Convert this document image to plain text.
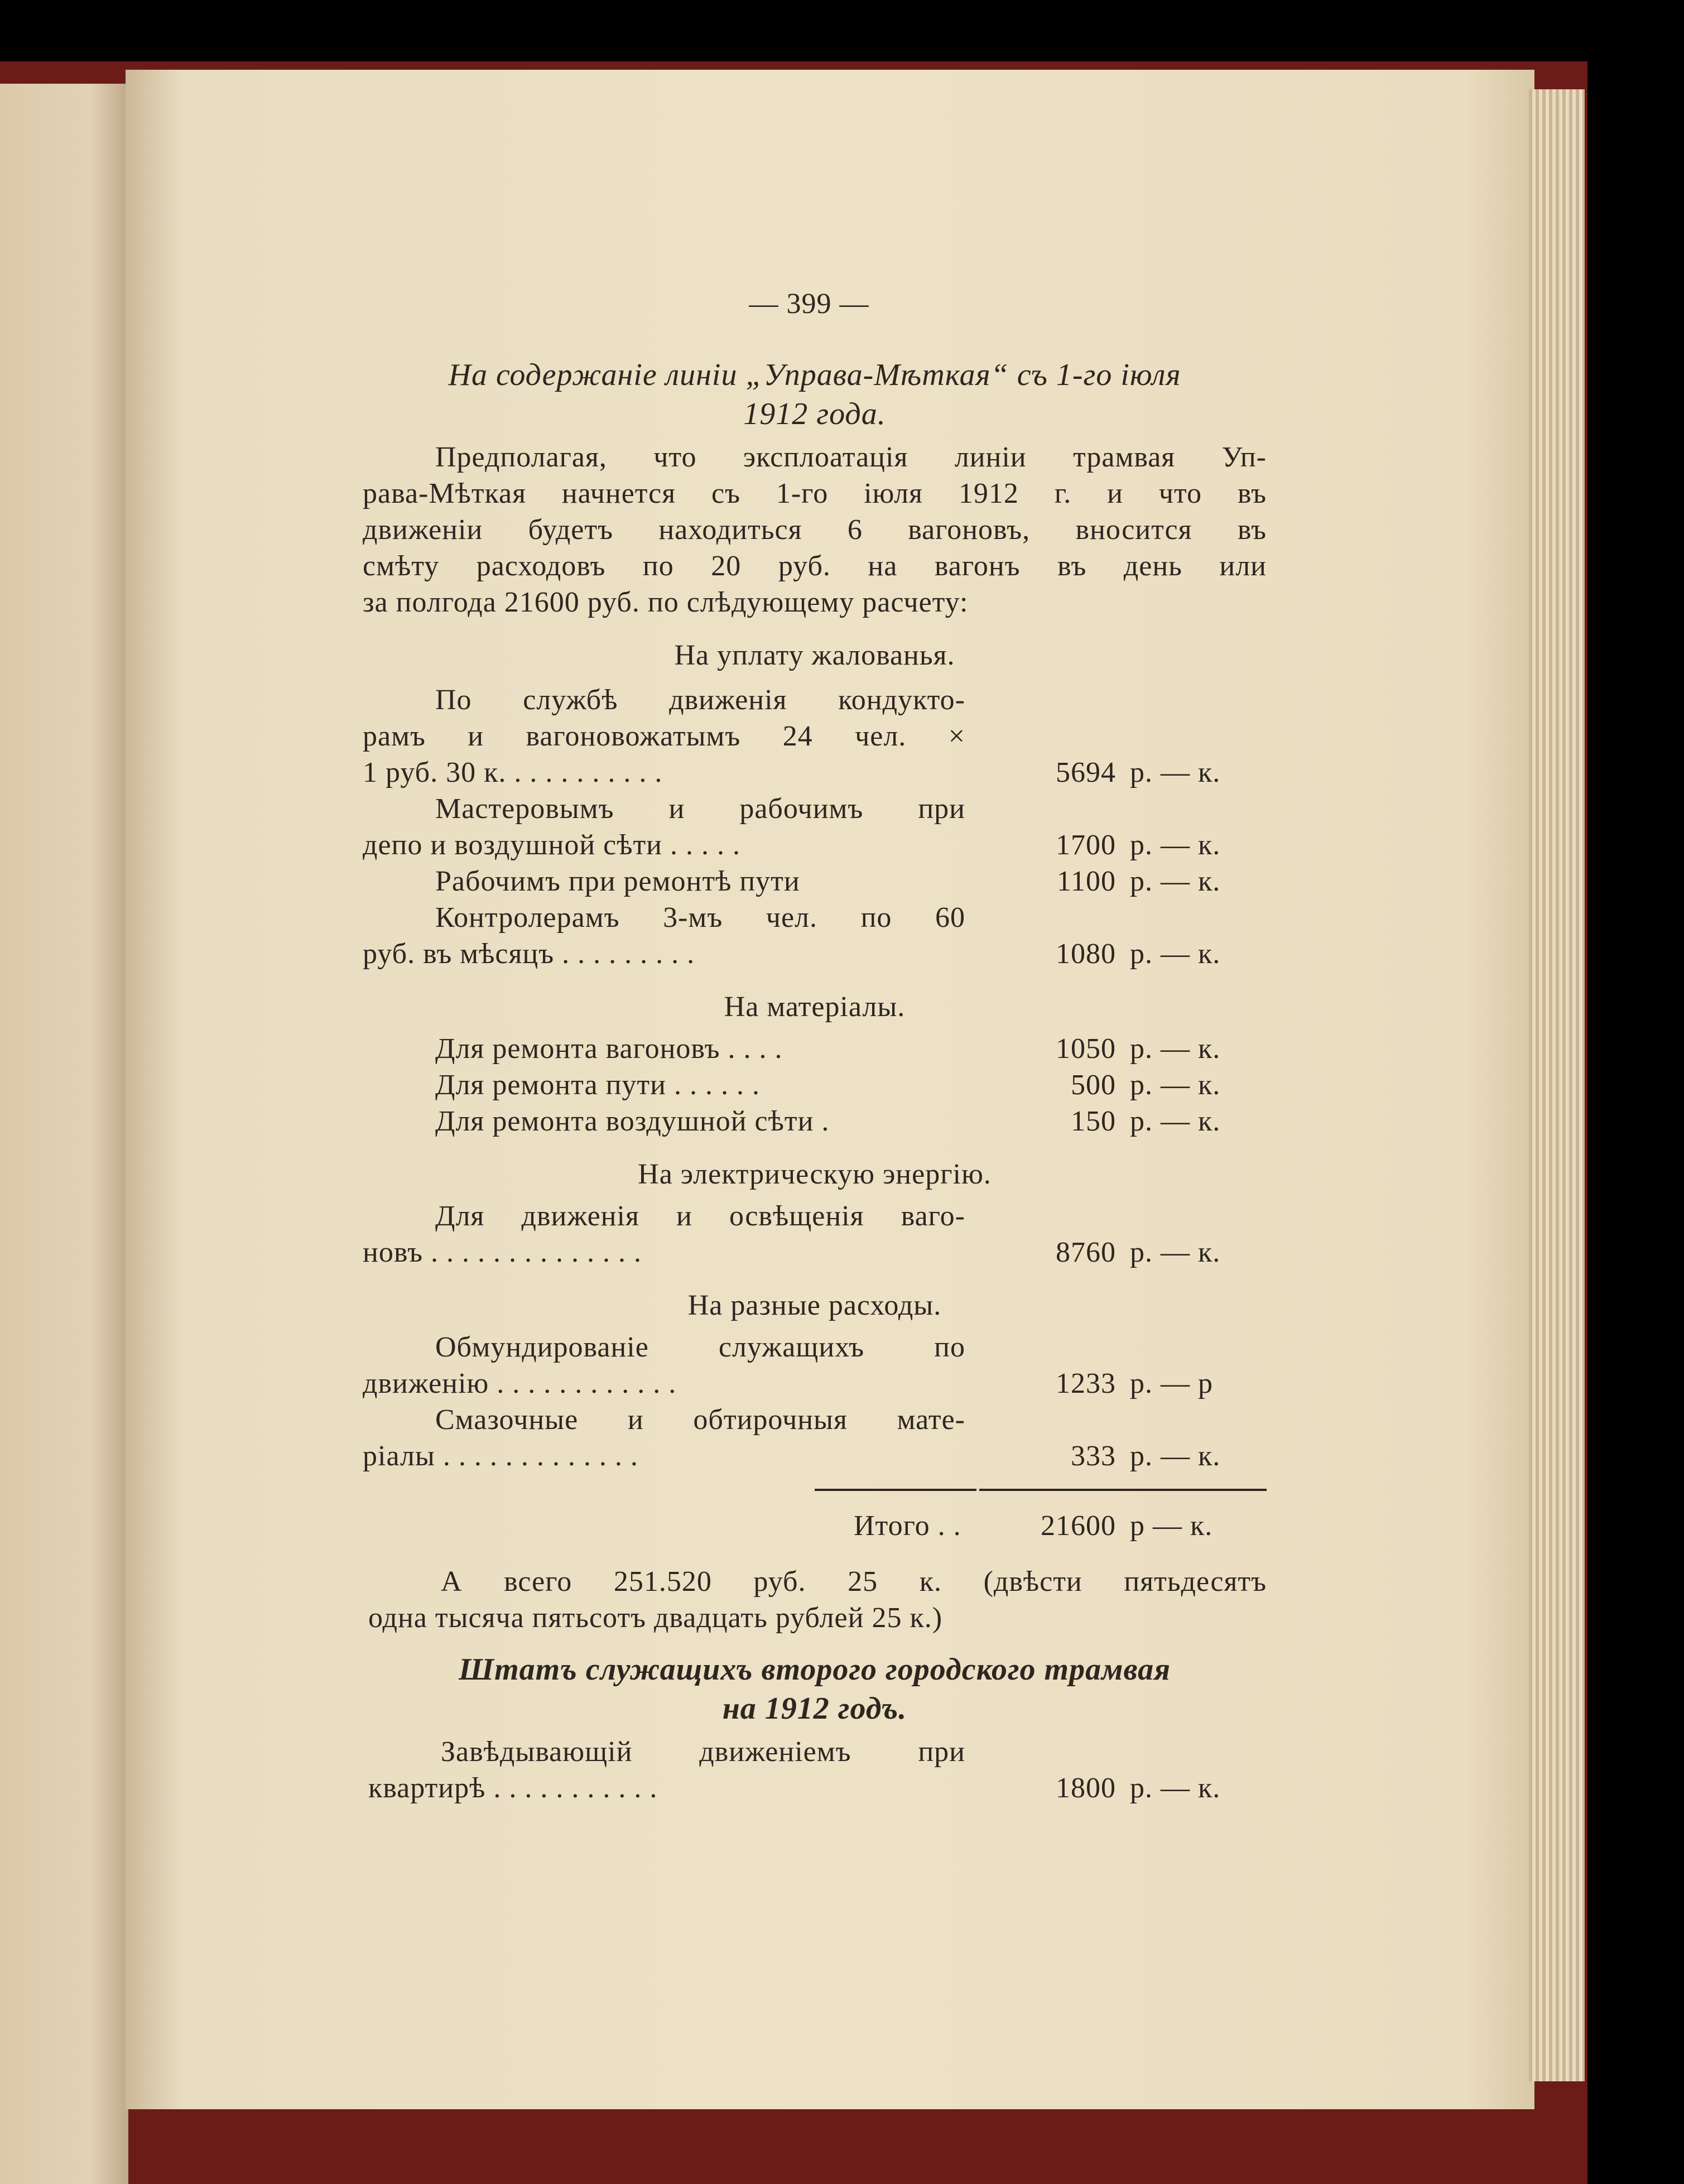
— 399 —
На содержаніе линіи „Управа-Мѣткая“ съ 1-го іюля
1912 года.
Предполагая, что эксплоатація линіи трамвая Уп-
рава-Мѣткая начнется съ 1-го іюля 1912 г. и что въ
движеніи будетъ находиться 6 вагоновъ, вносится въ
смѣту расходовъ по 20 руб. на вагонъ въ день или
за полгода 21600 руб. по слѣдующему расчету:
На уплату жалованья.
По службѣ движенія кондукто-
рамъ и вагоновожатымъ 24 чел. ×
1 руб. 30 к. . . . . . . . . . .	5694 р. — к.
Мастеровымъ и рабочимъ при
депо и воздушной сѣти . . . . .	1700 р. — к.
Рабочимъ при ремонтѣ пути	1100 р. — к.
Контролерамъ 3-мъ чел. по 60
руб. въ мѣсяцъ . . . . . . . . .	1080 р. — к.
На матеріалы.
Для ремонта вагоновъ . . . .	1050 р. — к.
Для ремонта пути . . . . . .	500 р. — к.
Для ремонта воздушной сѣти .	150 р. — к.
На электрическую энергію.
Для движенія и освѣщенія ваго-
новъ . . . . . . . . . . . . . .	8760 р. — к.
На разные расходы.
Обмундированіе служащихъ по
движенію . . . . . . . . . . . .	1233 р. — р
Смазочные и обтирочныя мате-
ріалы . . . . . . . . . . . . .	333 р. — к.
Итого . .	21600 р — к.
А всего 251.520 руб. 25 к. (двѣсти пятьдесятъ
одна тысяча пятьсотъ двадцать рублей 25 к.)
Штатъ служащихъ второго городского трамвая
на 1912 годъ.
Завѣдывающій движеніемъ при
квартирѣ . . . . . . . . . . .	1800 р. — к.
